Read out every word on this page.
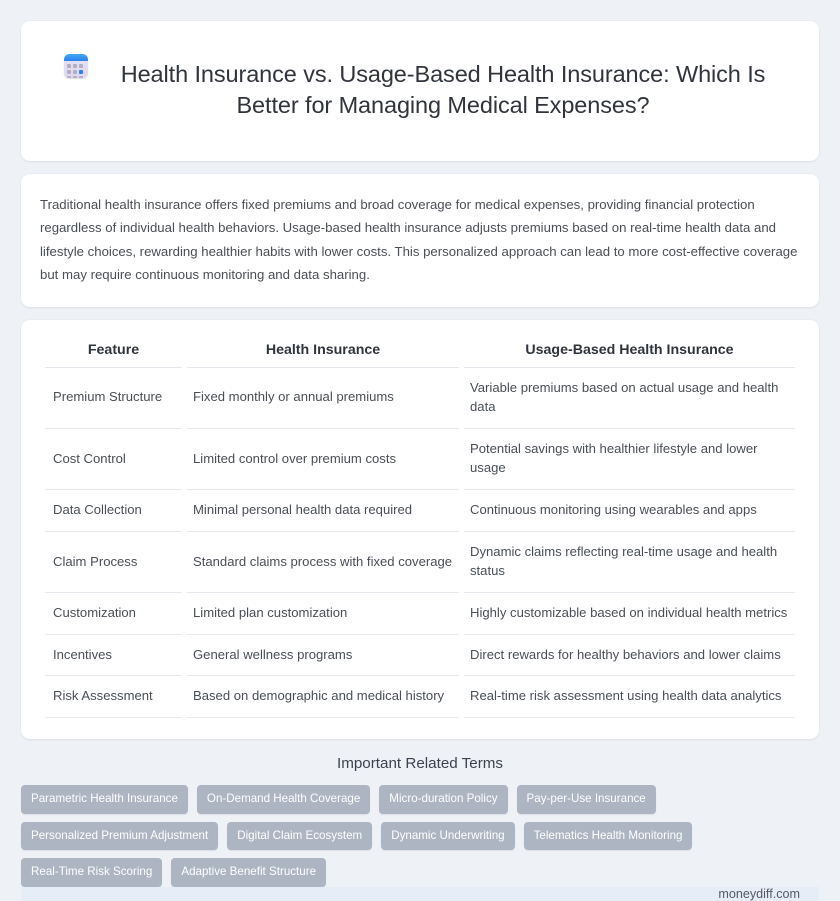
Health Insurance vs. Usage-Based Health Insurance: Which Is Better for Managing Medical Expenses?

Traditional health insurance offers fixed premiums and broad coverage for medical expenses, providing financial protection regardless of individual health behaviors. Usage-based health insurance adjusts premiums based on real-time health data and lifestyle choices, rewarding healthier habits with lower costs. This personalized approach can lead to more cost-effective coverage but may require continuous monitoring and data sharing.

Feature	Health Insurance	Usage-Based Health Insurance
Premium Structure	Fixed monthly or annual premiums	Variable premiums based on actual usage and health data
Cost Control	Limited control over premium costs	Potential savings with healthier lifestyle and lower usage
Data Collection	Minimal personal health data required	Continuous monitoring using wearables and apps
Claim Process	Standard claims process with fixed coverage	Dynamic claims reflecting real-time usage and health status
Customization	Limited plan customization	Highly customizable based on individual health metrics
Incentives	General wellness programs	Direct rewards for healthy behaviors and lower claims
Risk Assessment	Based on demographic and medical history	Real-time risk assessment using health data analytics
Important Related Terms
Parametric Health Insurance	On-Demand Health Coverage	Micro-duration Policy	Pay-per-Use Insurance
Personalized Premium Adjustment	Digital Claim Ecosystem	Dynamic Underwriting	Telematics Health Monitoring
Real-Time Risk Scoring	Adaptive Benefit Structure
moneydiff.com
